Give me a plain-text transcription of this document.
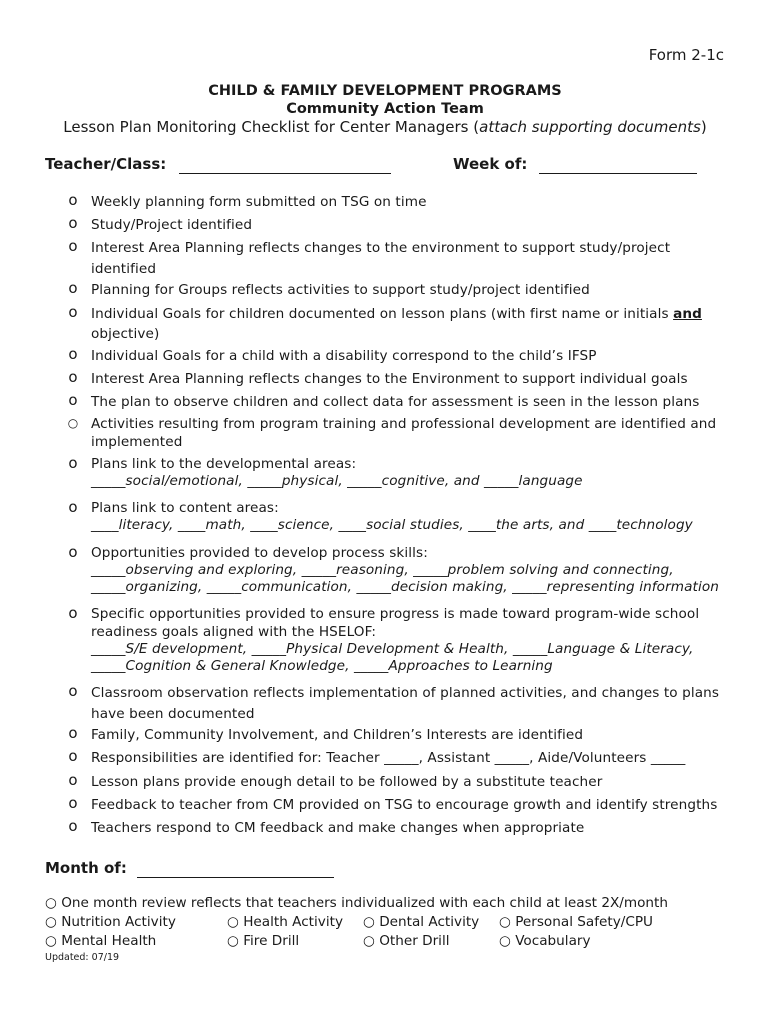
Form 2-1c
CHILD & FAMILY DEVELOPMENT PROGRAMS
Community Action Team
Lesson Plan Monitoring Checklist for Center Managers (attach supporting documents)
Teacher/Class:	Week of:
o Weekly planning form submitted on TSG on time
o Study/Project identified
o Interest Area Planning reflects changes to the environment to support study/project identified
o Planning for Groups reflects activities to support study/project identified
o Individual Goals for children documented on lesson plans (with first name or initials and objective)
o Individual Goals for a child with a disability correspond to the child’s IFSP
o Interest Area Planning reflects changes to the Environment to support individual goals
o The plan to observe children and collect data for assessment is seen in the lesson plans
○ Activities resulting from program training and professional development are identified and implemented
o Plans link to the developmental areas:
_____social/emotional, _____physical, _____cognitive, and _____language
o Plans link to content areas:
____literacy, ____math, ____science, ____social studies, ____the arts, and ____technology
o Opportunities provided to develop process skills:
_____observing and exploring, _____reasoning, _____problem solving and connecting,
_____organizing, _____communication, _____decision making, _____representing information
o Specific opportunities provided to ensure progress is made toward program-wide school readiness goals aligned with the HSELOF:
_____S/E development, _____Physical Development & Health, _____Language & Literacy,
_____Cognition & General Knowledge, _____Approaches to Learning
o Classroom observation reflects implementation of planned activities, and changes to plans have been documented
o Family, Community Involvement, and Children’s Interests are identified
o Responsibilities are identified for: Teacher _____, Assistant _____, Aide/Volunteers _____
o Lesson plans provide enough detail to be followed by a substitute teacher
o Feedback to teacher from CM provided on TSG to encourage growth and identify strengths
o Teachers respond to CM feedback and make changes when appropriate
Month of:
○ One month review reflects that teachers individualized with each child at least 2X/month
○ Nutrition Activity	○ Health Activity ○ Dental Activity ○ Personal Safety/CPU
○ Mental Health	○ Fire Drill	○ Other Drill	○ Vocabulary
Updated: 07/19
